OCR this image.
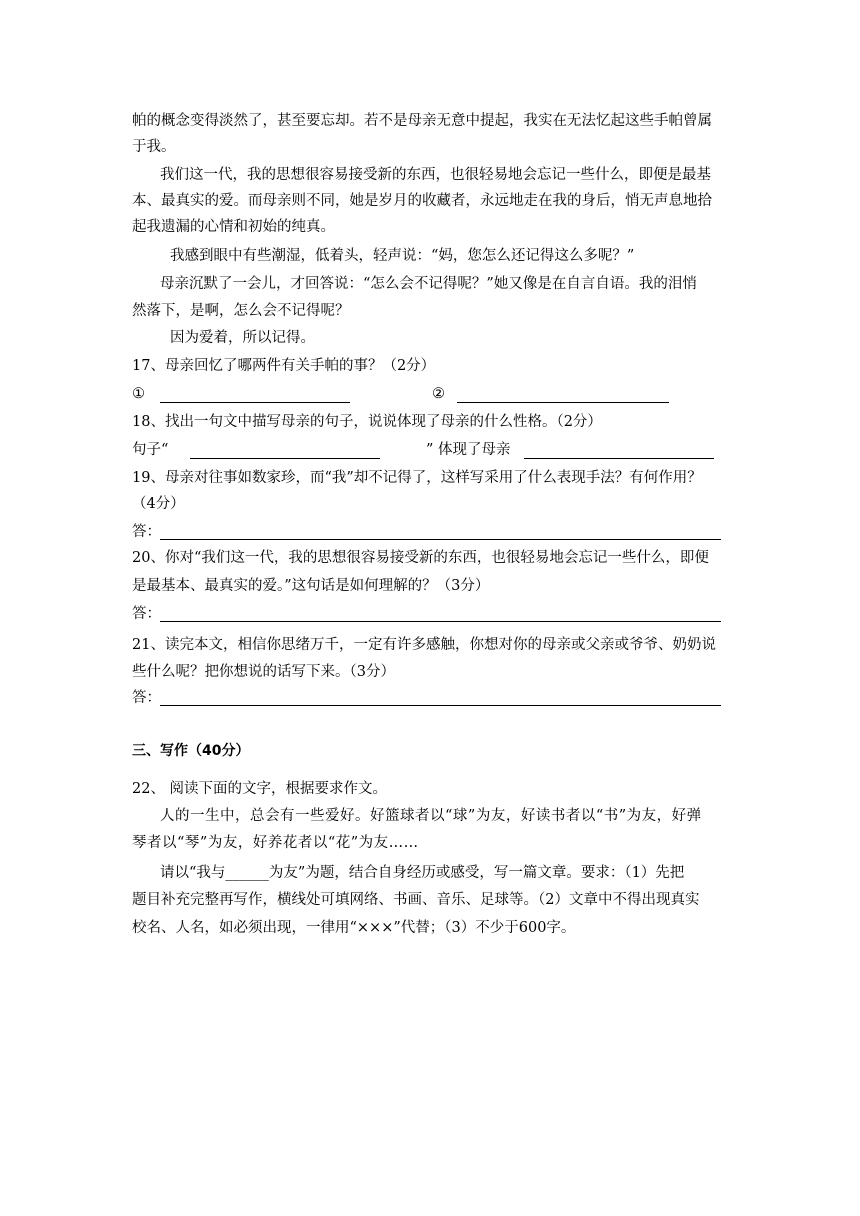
帕的概念变得淡然了，甚至要忘却。若不是母亲无意中提起，我实在无法忆起这些手帕曾属
于我。
我们这一代，我的思想很容易接受新的东西，也很轻易地会忘记一些什么，即便是最基
本、最真实的爱。而母亲则不同，她是岁月的收藏者，永远地走在我的身后，悄无声息地拾
起我遗漏的心情和初始的纯真。
我感到眼中有些潮湿，低着头，轻声说：“妈，您怎么还记得这么多呢？”
母亲沉默了一会儿，才回答说：“怎么会不记得呢？”她又像是在自言自语。我的泪悄
然落下，是啊，怎么会不记得呢？
因为爱着，所以记得。
17、母亲回忆了哪两件有关手帕的事？（2分）
①	②
18、找出一句文中描写母亲的句子，说说体现了母亲的什么性格。（2分）
句子“	” 体现了母亲
19、母亲对往事如数家珍，而“我”却不记得了，这样写采用了什么表现手法？有何作用？
（4分）
答：
20、你对“我们这一代，我的思想很容易接受新的东西，也很轻易地会忘记一些什么，即便
是最基本、最真实的爱。”这句话是如何理解的？（3分）
答：
21、读完本文，相信你思绪万千，一定有许多感触，你想对你的母亲或父亲或爷爷、奶奶说
些什么呢？把你想说的话写下来。（3分）
答：
三、写作（40分）
22、 阅读下面的文字，根据要求作文。
人的一生中，总会有一些爱好。好篮球者以“球”为友，好读书者以“书”为友，好弹
琴者以“琴”为友，好养花者以“花”为友……
请以“我与______为友”为题，结合自身经历或感受，写一篇文章。要求：（1）先把
题目补充完整再写作，横线处可填网络、书画、音乐、足球等。（2）文章中不得出现真实
校名、人名，如必须出现，一律用“×××”代替；（3）不少于600字。
